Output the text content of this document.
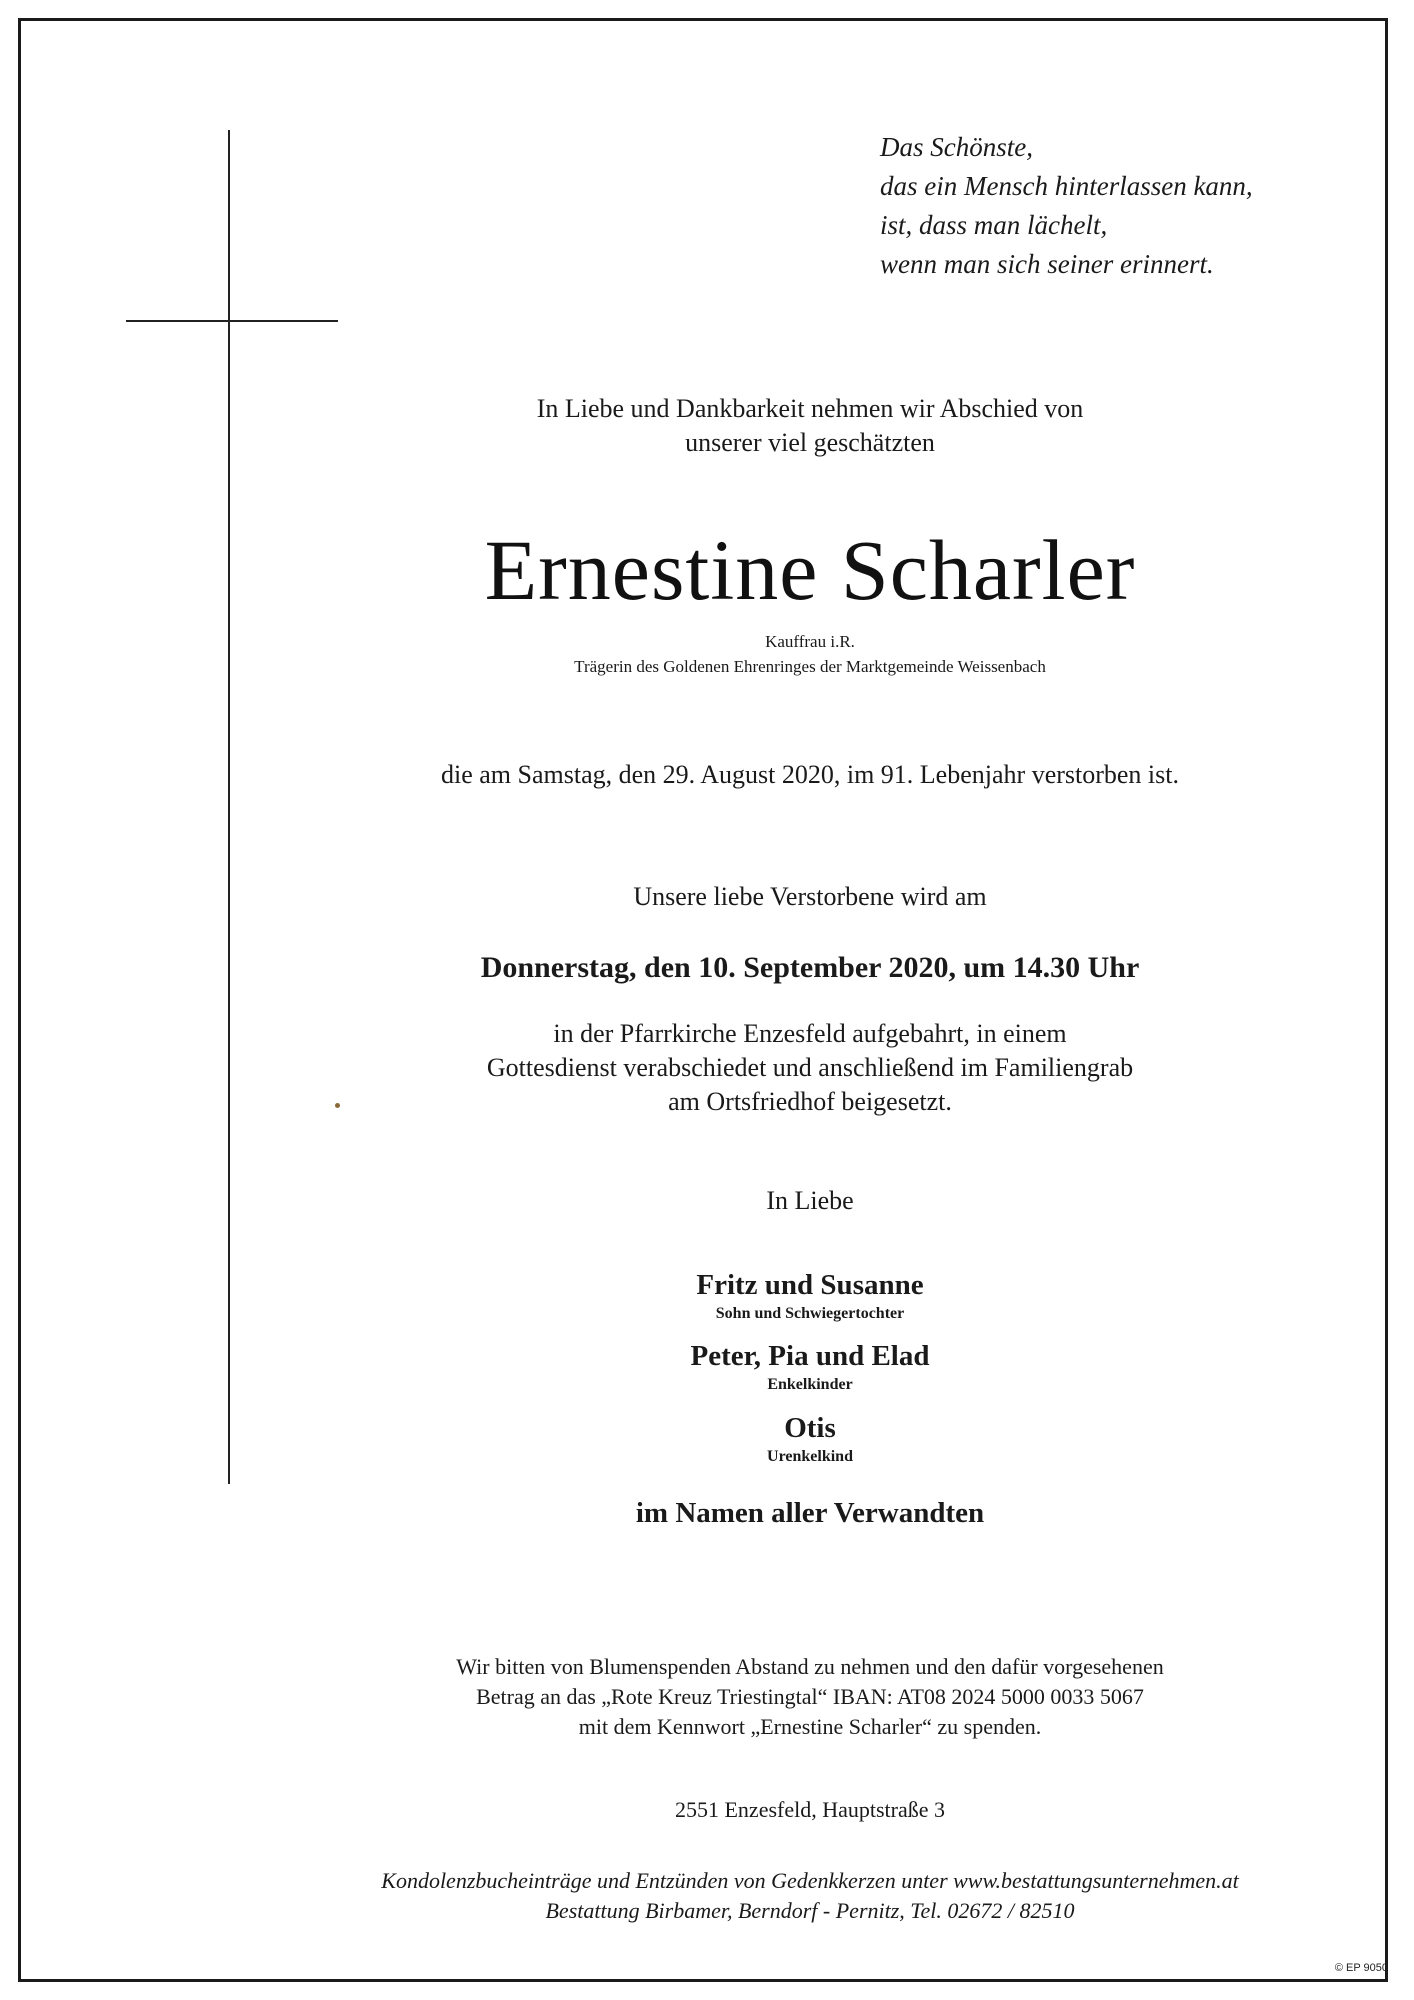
Das Schönste,
das ein Mensch hinterlassen kann,
ist, dass man lächelt,
wenn man sich seiner erinnert.
In Liebe und Dankbarkeit nehmen wir Abschied von
unserer viel geschätzten
Ernestine Scharler
Kauffrau i.R.
Trägerin des Goldenen Ehrenringes der Marktgemeinde Weissenbach
die am Samstag, den 29. August 2020, im 91. Lebenjahr verstorben ist.
Unsere liebe Verstorbene wird am
Donnerstag, den 10. September 2020, um 14.30 Uhr
in der Pfarrkirche Enzesfeld aufgebahrt, in einem
Gottesdienst verabschiedet und anschließend im Familiengrab
am Ortsfriedhof beigesetzt.
In Liebe
Fritz und Susanne
Sohn und Schwiegertochter
Peter, Pia und Elad
Enkelkinder
Otis
Urenkelkind
im Namen aller Verwandten
Wir bitten von Blumenspenden Abstand zu nehmen und den dafür vorgesehenen
Betrag an das „Rote Kreuz Triestingtal“ IBAN: AT08 2024 5000 0033 5067
mit dem Kennwort „Ernestine Scharler“ zu spenden.
2551 Enzesfeld, Hauptstraße 3
Kondolenzbucheinträge und Entzünden von Gedenkkerzen unter www.bestattungsunternehmen.at
Bestattung Birbamer, Berndorf - Pernitz, Tel. 02672 / 82510
© EP 9050
